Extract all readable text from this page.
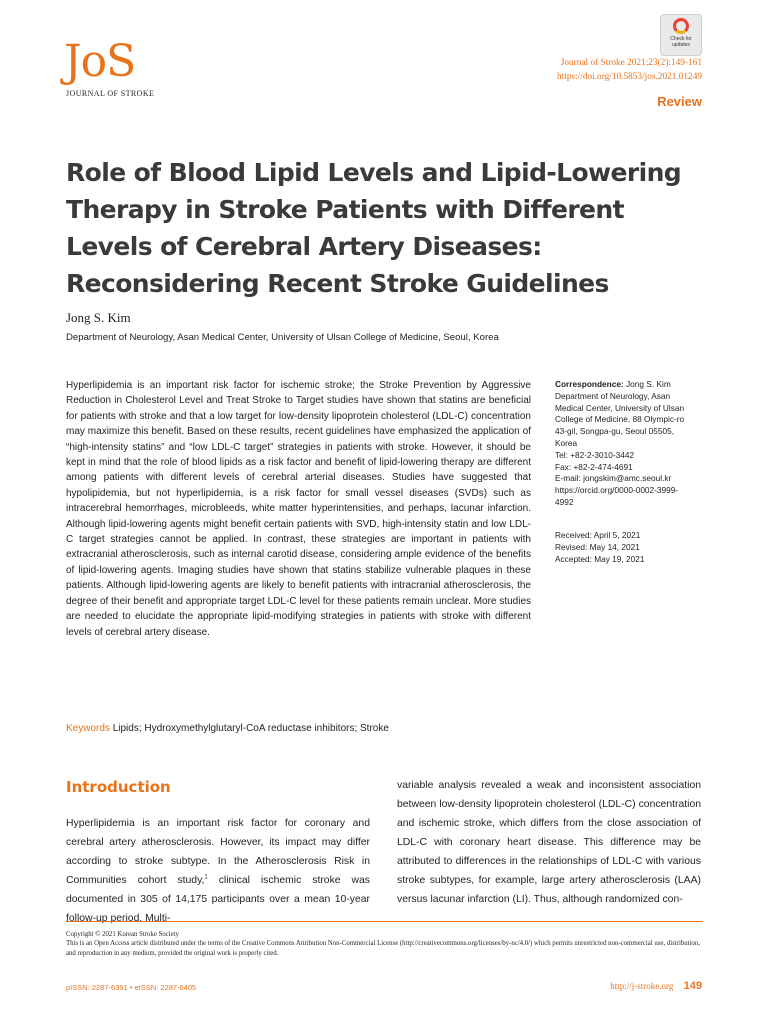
JoS
JOURNAL OF STROKE
Check for updates
Journal of Stroke 2021;23(2):149-161
https://doi.org/10.5853/jos.2021.01249
Review
Role of Blood Lipid Levels and Lipid-Lowering Therapy in Stroke Patients with Different Levels of Cerebral Artery Diseases: Reconsidering Recent Stroke Guidelines
Jong S. Kim
Department of Neurology, Asan Medical Center, University of Ulsan College of Medicine, Seoul, Korea

Hyperlipidemia is an important risk factor for ischemic stroke; the Stroke Prevention by Aggressive Reduction in Cholesterol Level and Treat Stroke to Target studies have shown that statins are beneficial for patients with stroke and that a low target for low-density lipoprotein cholesterol (LDL-C) concentration may maximize this benefit. Based on these results, recent guidelines have emphasized the application of “high-intensity statins” and “low LDL-C target” strategies in patients with stroke. However, it should be kept in mind that the role of blood lipids as a risk factor and benefit of lipid-lowering therapy are different among patients with different levels of cerebral arterial diseases. Studies have suggested that hypolipidemia, but not hyperlipidemia, is a risk factor for small vessel diseases (SVDs) such as intracerebral hemorrhages, microbleeds, white matter hyperintensities, and perhaps, lacunar infarction. Although lipid-lowering agents might benefit certain patients with SVD, high-intensity statin and low LDL-C target strategies cannot be applied. In contrast, these strategies are important in patients with extracranial atherosclerosis, such as internal carotid disease, considering ample evidence of the benefits of lipid-lowering agents. Imaging studies have shown that statins stabilize vulnerable plaques in these patients. Although lipid-lowering agents are likely to benefit patients with intracranial atherosclerosis, the degree of their benefit and appropriate target LDL-C level for these patients remain unclear. More studies are needed to elucidate the appropriate lipid-modifying strategies in patients with stroke with different levels of cerebral artery disease.

Keywords Lipids; Hydroxymethylglutaryl-CoA reductase inhibitors; Stroke
Correspondence: Jong S. Kim
Department of Neurology, Asan
Medical Center, University of Ulsan
College of Medicine, 88 Olympic-ro
43-gil, Songpa-gu, Seoul 05505,
Korea
Tel: +82-2-3010-3442
Fax: +82-2-474-4691
E-mail: jongskim@amc.seoul.kr
https://orcid.org/0000-0002-3999-
4992
Received: April 5, 2021
Revised: May 14, 2021
Accepted: May 19, 2021
Introduction

Hyperlipidemia is an important risk factor for coronary and cerebral artery atherosclerosis. However, its impact may differ according to stroke subtype. In the Atherosclerosis Risk in Communities cohort study,$^1$ clinical ischemic stroke was documented in 305 of 14,175 participants over a mean 10-year follow-up period. Multi-

variable analysis revealed a weak and inconsistent association between low-density lipoprotein cholesterol (LDL-C) concentration and ischemic stroke, which differs from the close association of LDL-C with coronary heart disease. This difference may be attributed to differences in the relationships of LDL-C with various stroke subtypes, for example, large artery atherosclerosis (LAA) versus lacunar infarction (LI). Thus, although randomized con-

Copyright © 2021 Korean Stroke Society
This is an Open Access article distributed under the terms of the Creative Commons Attribution Non-Commercial License (http://creativecommons.org/licenses/by-nc/4.0/) which permits unrestricted non-commercial use, distribution, and reproduction in any medium, provided the original work is properly cited.
pISSN: 2287-6391 • eISSN: 2287-6405	http://j-stroke.org 149
